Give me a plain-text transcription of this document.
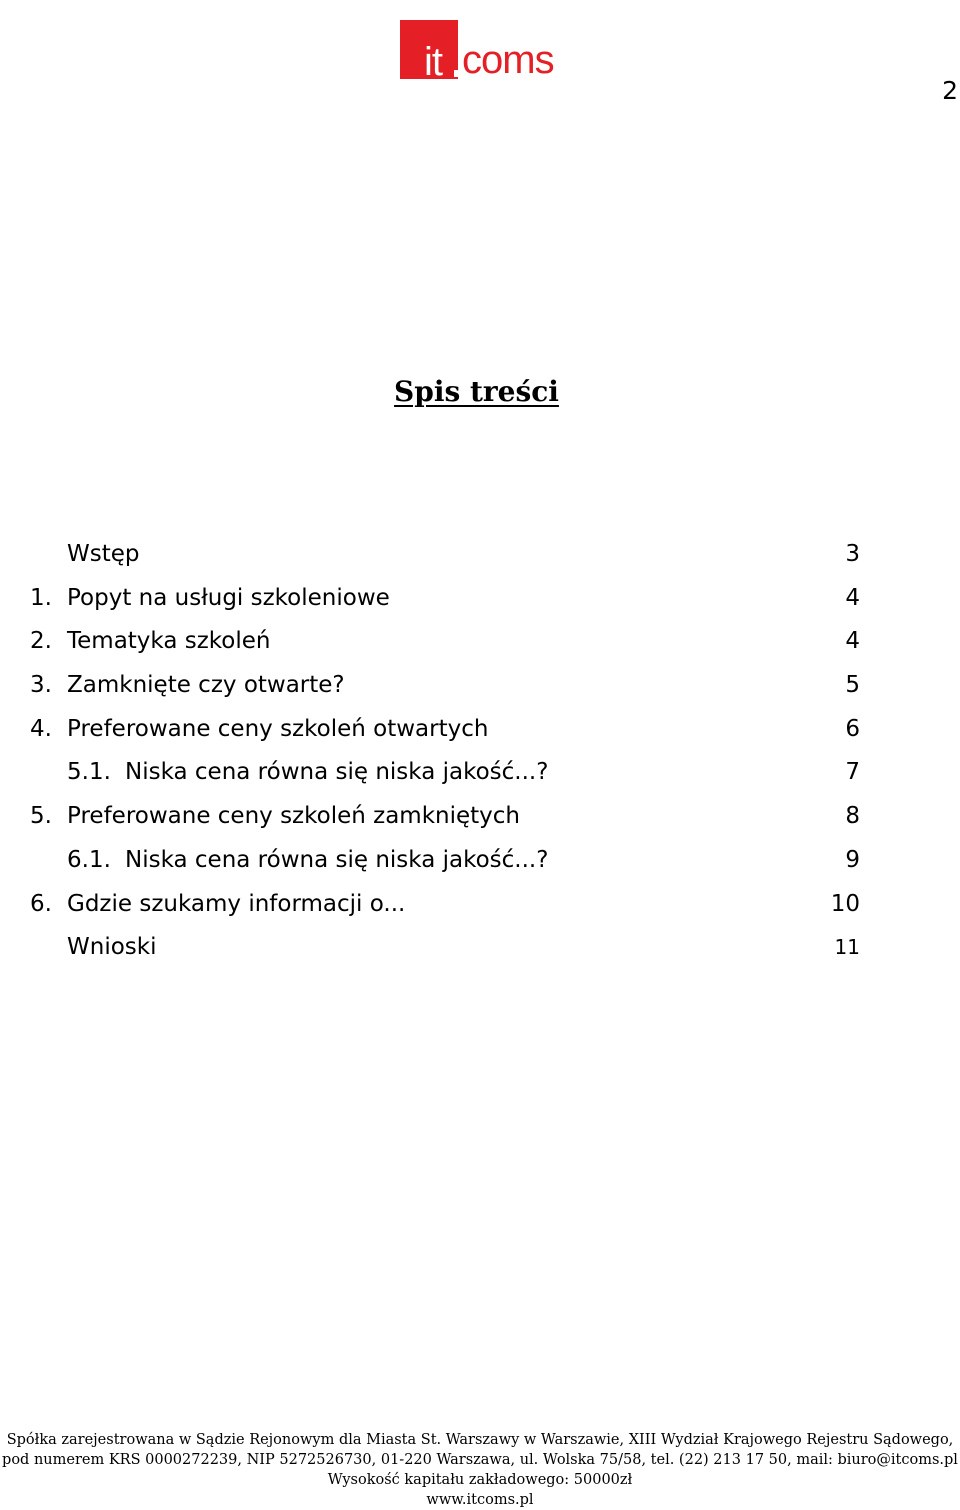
it coms
2
Spis treści
Wstęp	3
1. Popyt na usługi szkoleniowe	4
2. Tematyka szkoleń	4
3. Zamknięte czy otwarte?	5
4. Preferowane ceny szkoleń otwartych	6
5.1. Niska cena równa się niska jakość...?	7
5. Preferowane ceny szkoleń zamkniętych	8
6.1. Niska cena równa się niska jakość...?	9
6. Gdzie szukamy informacji o...	10
Wnioski	11
Spółka zarejestrowana w Sądzie Rejonowym dla Miasta St. Warszawy w Warszawie, XIII Wydział Krajowego Rejestru Sądowego,
pod numerem KRS 0000272239, NIP 5272526730, 01-220 Warszawa, ul. Wolska 75/58, tel. (22) 213 17 50, mail: biuro@itcoms.pl
Wysokość kapitału zakładowego: 50000zł
www.itcoms.pl
